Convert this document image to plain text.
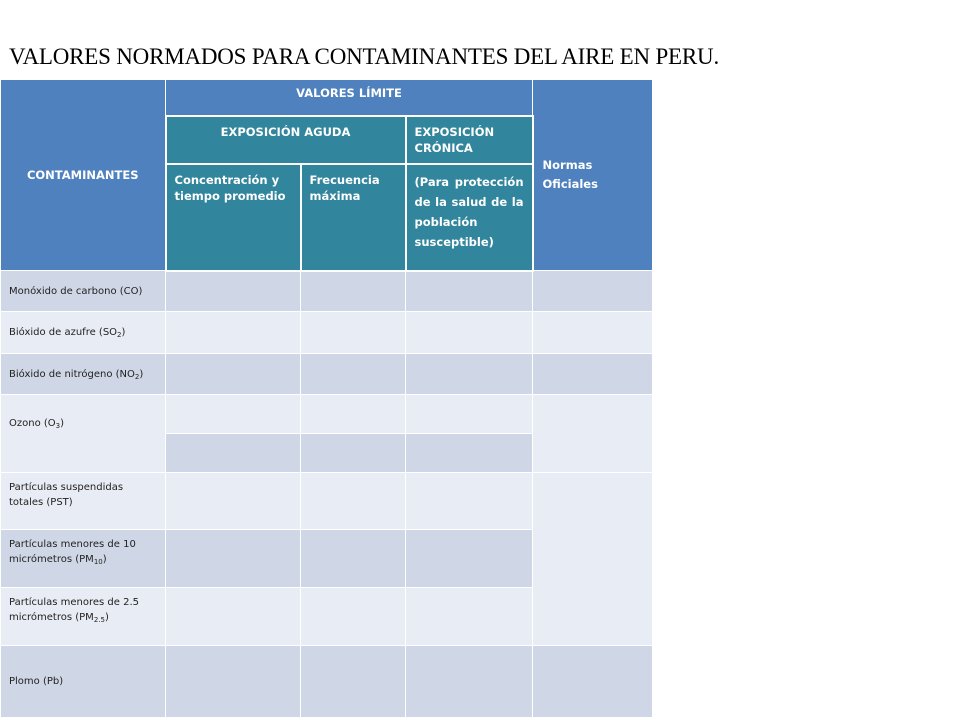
VALORES NORMADOS PARA CONTAMINANTES DEL AIRE EN PERU.
CONTAMINANTES	VALORES LÍMITE			Normas Oficiales
	EXPOSICIÓN AGUDA		EXPOSICIÓN CRÓNICA	
	Concentración y tiempo promedio	Frecuencia máxima	(Para protección de la salud de la población susceptible)	
Monóxido de carbono (CO)				
Bióxido de azufre $(SO_2)$				
Bióxido de nitrógeno $(NO_2)$				
Ozono $(O_3)$				

Partículas suspendidas totales (PST)				
Partículas menores de 10 micrómetros $(PM_{10})$				
Partículas menores de 2.5 micrómetros $(PM_{2.5})$				
Plomo (Pb)				
